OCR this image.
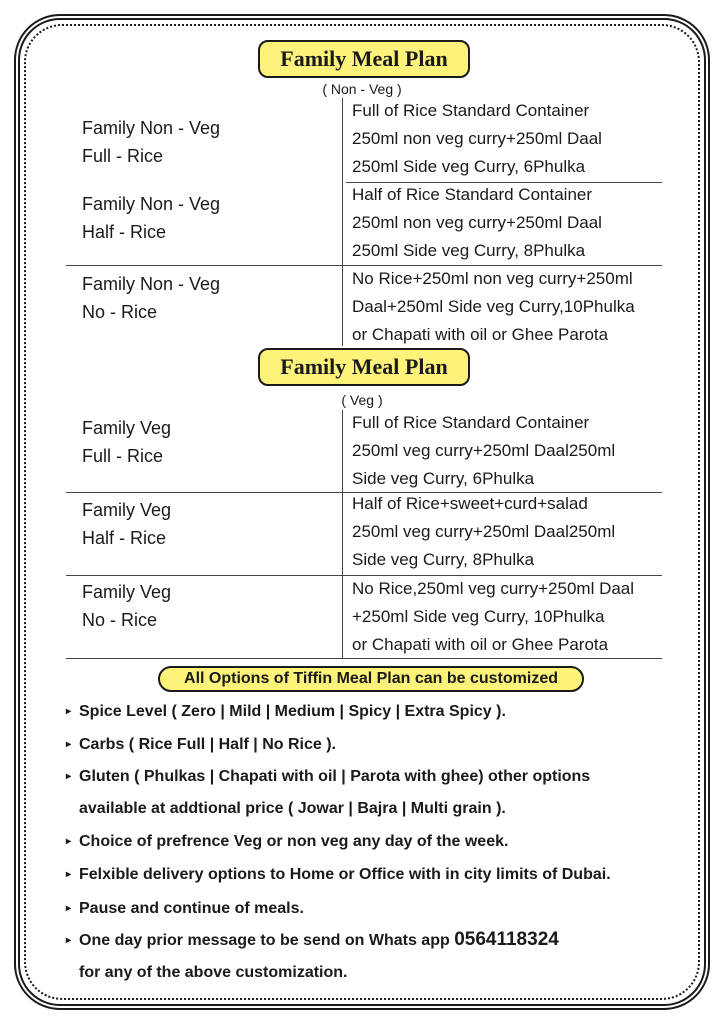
Family Meal Plan
( Non - Veg )
Family Non - Veg
Full - Rice
Full of Rice Standard Container
250ml non veg curry+250ml Daal
250ml Side veg Curry, 6Phulka
Family Non - Veg
Half - Rice
Half of Rice Standard Container
250ml non veg curry+250ml Daal
250ml Side veg Curry, 8Phulka
Family Non - Veg
No - Rice
No Rice+250ml non veg curry+250ml
Daal+250ml Side veg Curry,10Phulka
or Chapati with oil or Ghee Parota
Family Meal Plan
( Veg )
Family Veg
Full - Rice
Full of Rice Standard Container
250ml veg curry+250ml Daal250ml
Side veg Curry, 6Phulka
Family Veg
Half - Rice
Half of Rice+sweet+curd+salad
250ml veg curry+250ml Daal250ml
Side veg Curry, 8Phulka
Family Veg
No - Rice
No Rice,250ml veg curry+250ml Daal
+250ml Side veg Curry, 10Phulka
or Chapati with oil or Ghee Parota
All Options of Tiffin Meal Plan can be customized
▸ Spice Level ( Zero | Mild | Medium | Spicy | Extra Spicy ).
▸ Carbs ( Rice Full | Half | No Rice ).
▸ Gluten ( Phulkas | Chapati with oil | Parota with ghee) other options
available at addtional price ( Jowar | Bajra | Multi grain ).
▸ Choice of prefrence Veg or non veg any day of the week.
▸ Felxible delivery options to Home or Office with in city limits of Dubai.
▸ Pause and continue of meals.
▸ One day prior message to be send on Whats app 0564118324
for any of the above customization.
